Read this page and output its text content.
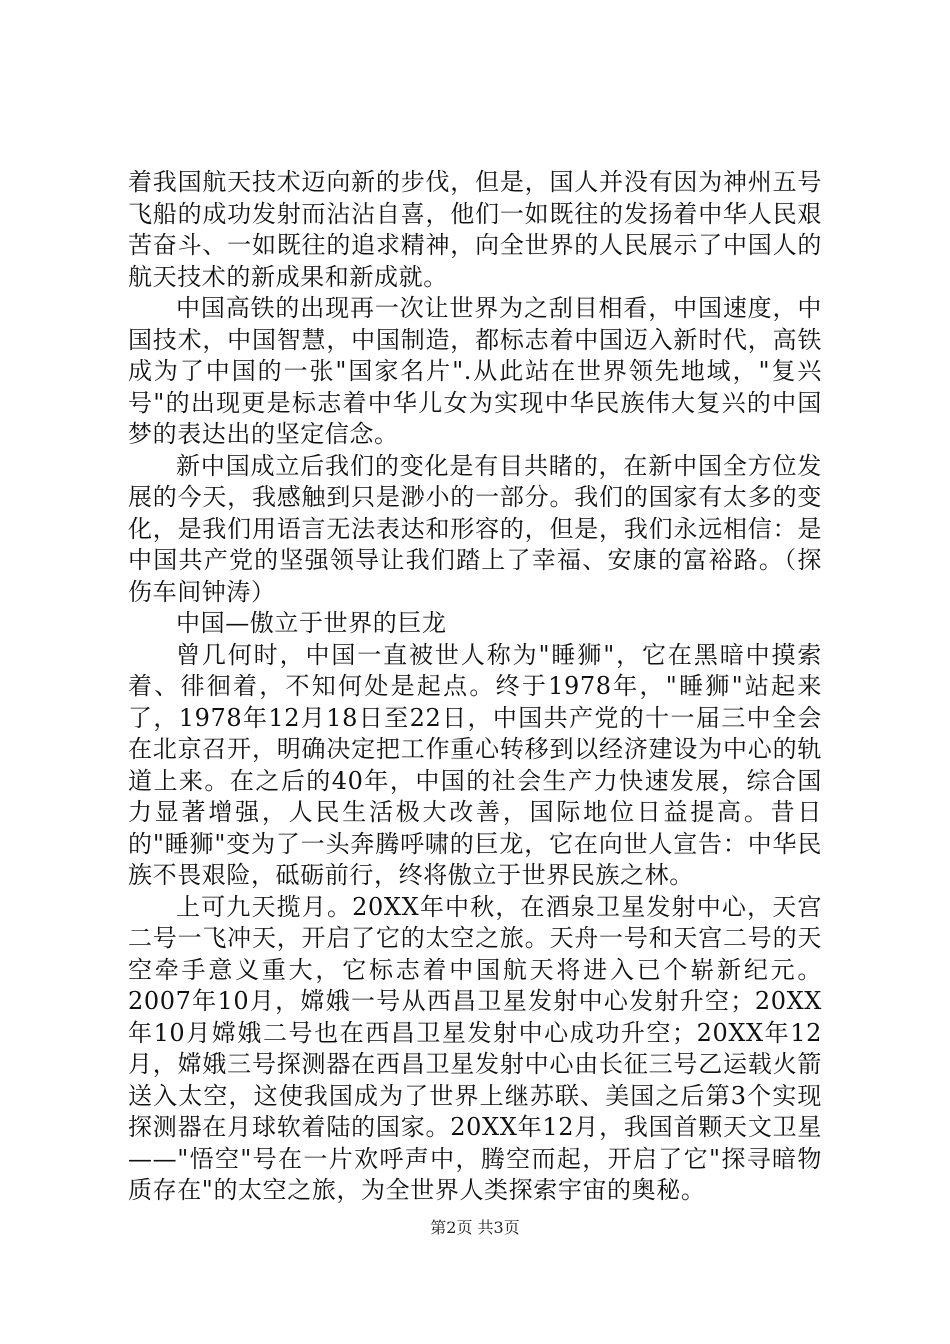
着我国航天技术迈向新的步伐，但是，国人并没有因为神州五号飞船的成功发射而沾沾自喜，他们一如既往的发扬着中华人民艰苦奋斗、一如既往的追求精神，向全世界的人民展示了中国人的航天技术的新成果和新成就。

中国高铁的出现再一次让世界为之刮目相看，中国速度，中国技术，中国智慧，中国制造，都标志着中国迈入新时代，高铁成为了中国的一张"国家名片".从此站在世界领先地域，"复兴号"的出现更是标志着中华儿女为实现中华民族伟大复兴的中国梦的表达出的坚定信念。

新中国成立后我们的变化是有目共睹的，在新中国全方位发展的今天，我感触到只是渺小的一部分。我们的国家有太多的变化，是我们用语言无法表达和形容的，但是，我们永远相信：是中国共产党的坚强领导让我们踏上了幸福、安康的富裕路。（探伤车间钟涛）

中国—傲立于世界的巨龙

曾几何时，中国一直被世人称为"睡狮"，它在黑暗中摸索着、徘徊着，不知何处是起点。终于1978年，"睡狮"站起来了，1978年12月18日至22日，中国共产党的十一届三中全会在北京召开，明确决定把工作重心转移到以经济建设为中心的轨道上来。在之后的40年，中国的社会生产力快速发展，综合国力显著增强，人民生活极大改善，国际地位日益提高。昔日的"睡狮"变为了一头奔腾呼啸的巨龙，它在向世人宣告：中华民族不畏艰险，砥砺前行，终将傲立于世界民族之林。

上可九天揽月。20XX年中秋，在酒泉卫星发射中心，天宫二号一飞冲天，开启了它的太空之旅。天舟一号和天宫二号的天空牵手意义重大，它标志着中国航天将进入已个崭新纪元。2007年10月，嫦娥一号从西昌卫星发射中心发射升空；20XX年10月嫦娥二号也在西昌卫星发射中心成功升空；20XX年12月，嫦娥三号探测器在西昌卫星发射中心由长征三号乙运载火箭送入太空，这使我国成为了世界上继苏联、美国之后第3个实现探测器在月球软着陆的国家。20XX年12月，我国首颗天文卫星——"悟空"号在一片欢呼声中，腾空而起，开启了它"探寻暗物质存在"的太空之旅，为全世界人类探索宇宙的奥秘。

第2页 共3页
